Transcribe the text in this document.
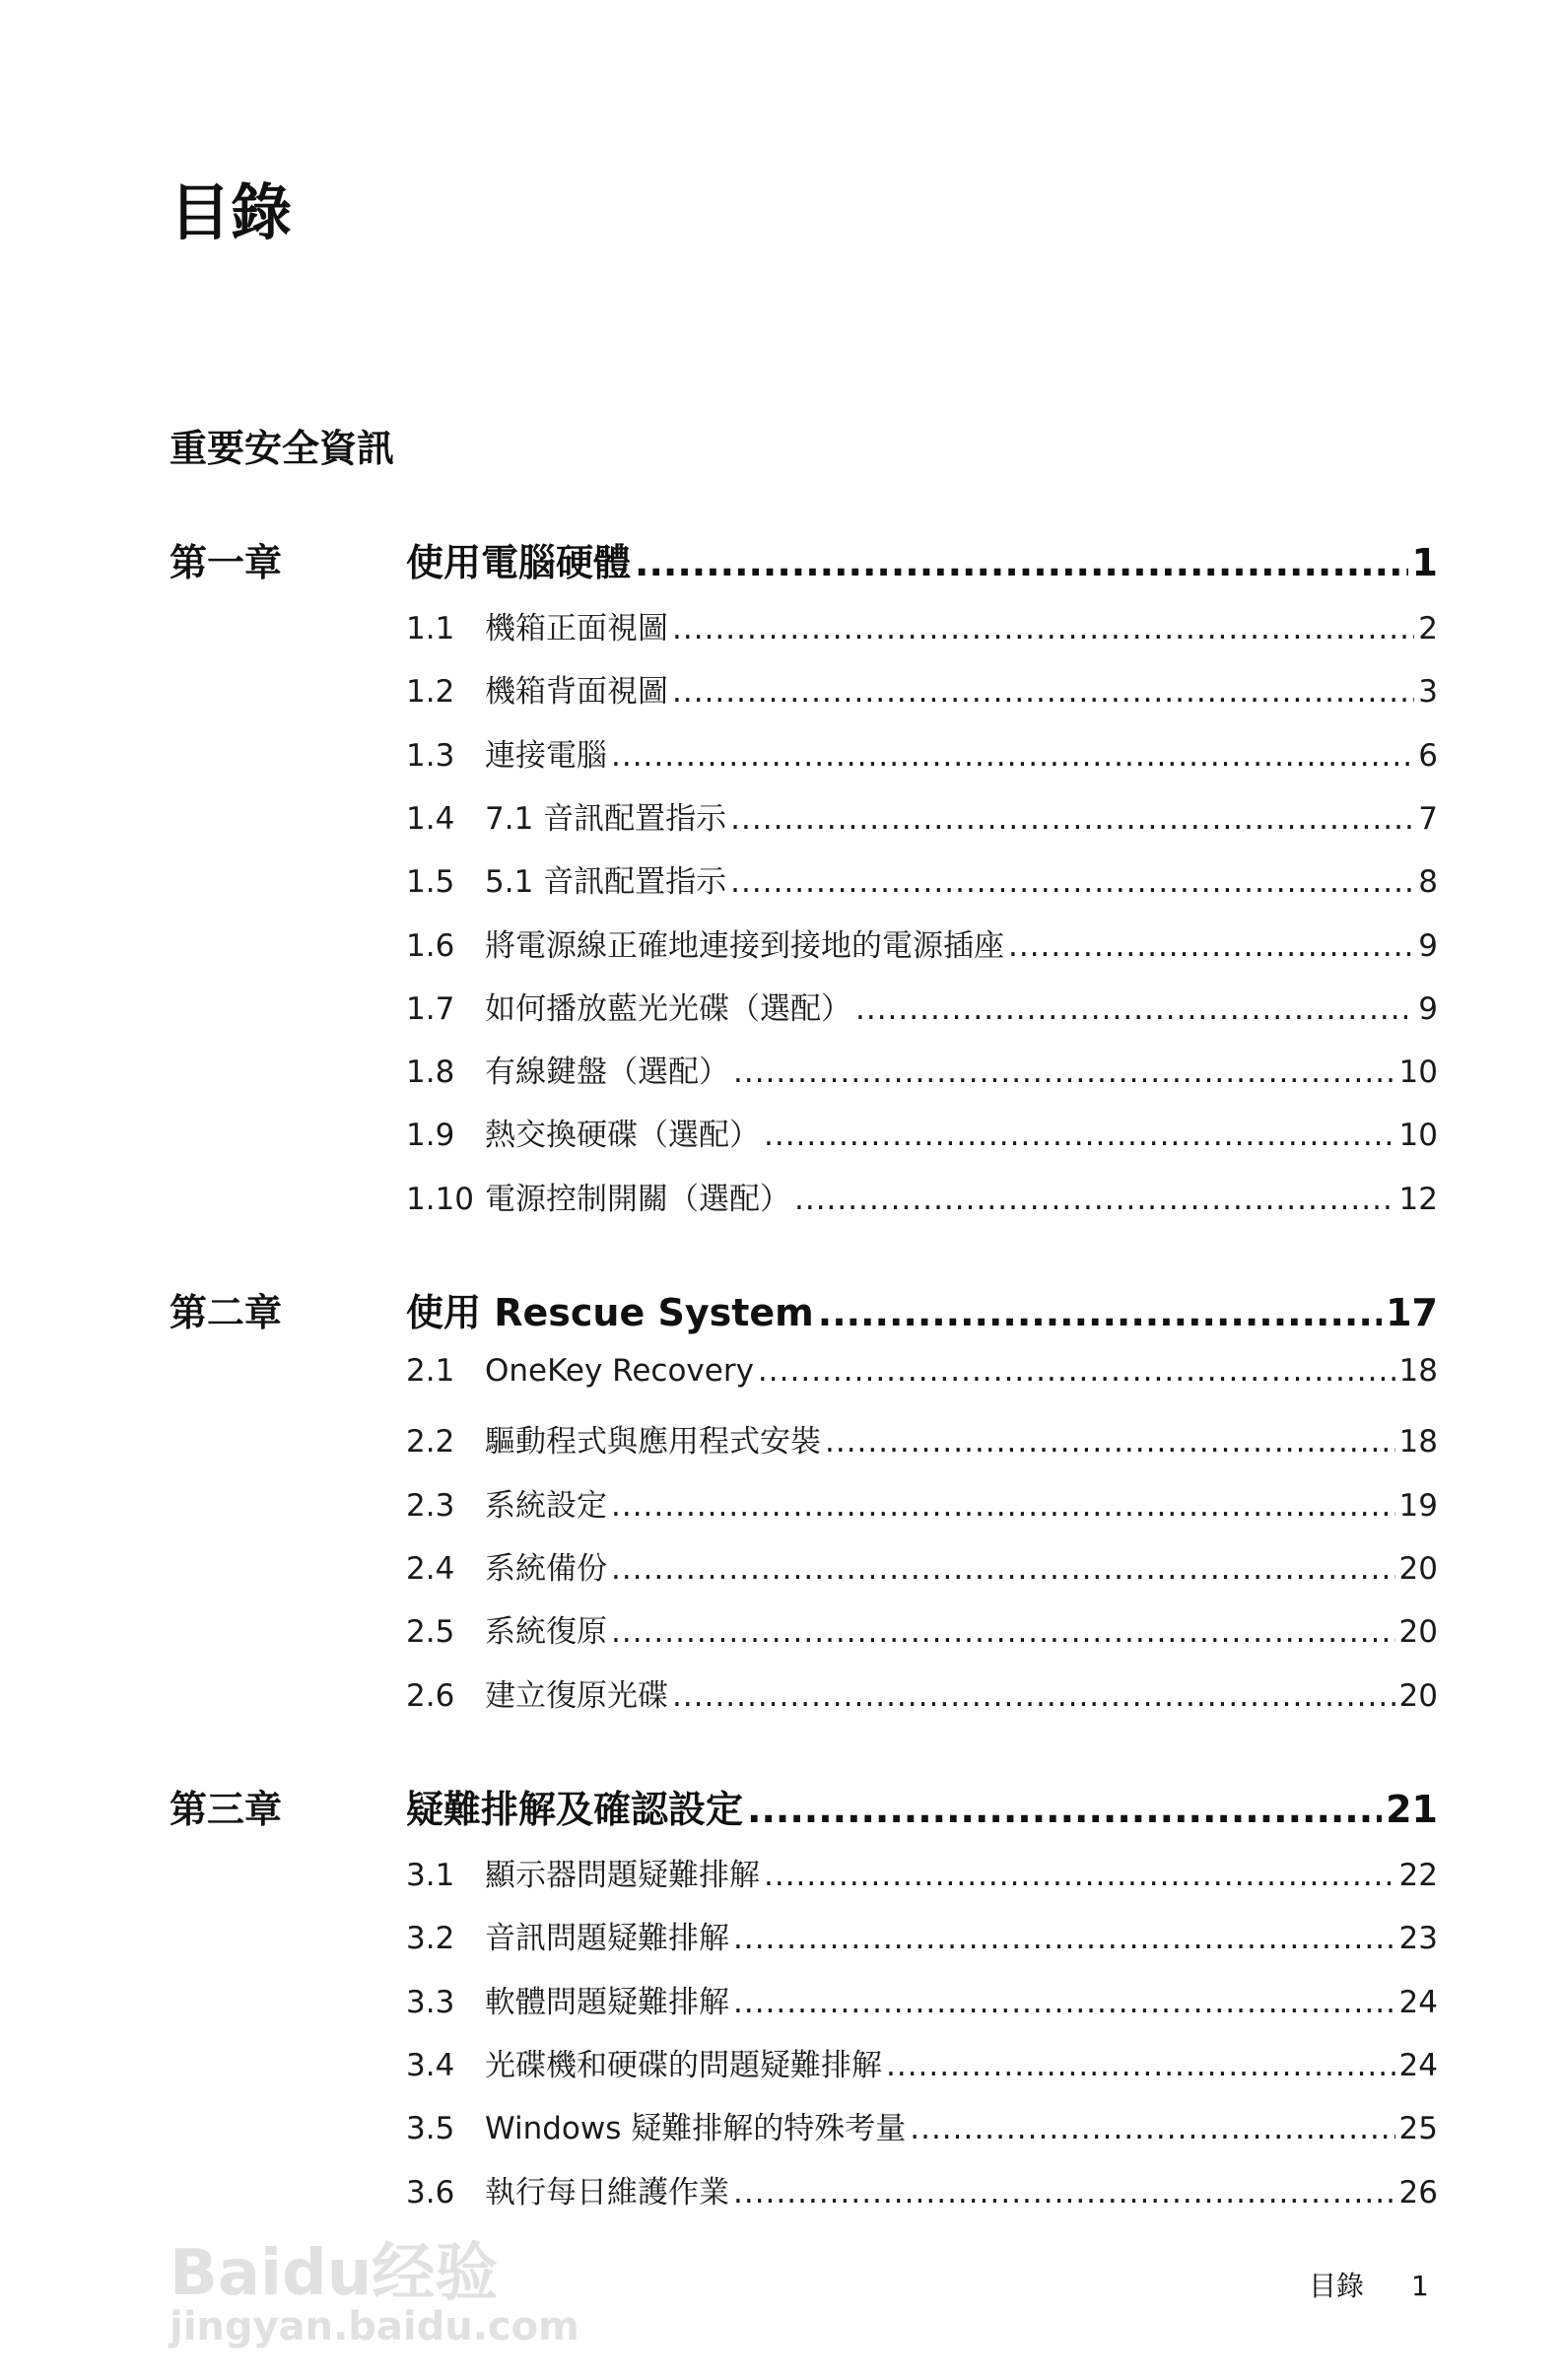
目錄
重要安全資訊
第一章	使用電腦硬體 .....	1
1.1 機箱正面視圖 .....	2
1.2 機箱背面視圖 .....	3
1.3 連接電腦 .....	6
1.4 7.1 音訊配置指示 .....	7
1.5 5.1 音訊配置指示 .....	8
1.6 將電源線正確地連接到接地的電源插座 .....	9
1.7 如何播放藍光光碟（選配） .....	9
1.8 有線鍵盤（選配） .....	10
1.9 熱交換硬碟（選配） .....	10
1.10 電源控制開關（選配） .....	12
第二章	使用 Rescue System .....	17
2.1 OneKey Recovery .....	18
2.2 驅動程式與應用程式安裝 .....	18
2.3 系統設定 .....	19
2.4 系統備份 .....	20
2.5 系統復原 .....	20
2.6 建立復原光碟 .....	20
第三章	疑難排解及確認設定 .....	21
3.1 顯示器問題疑難排解 .....	22
3.2 音訊問題疑難排解 .....	23
3.3 軟體問題疑難排解 .....	24
3.4 光碟機和硬碟的問題疑難排解 .....	24
3.5 Windows 疑難排解的特殊考量 .....	25
3.6 執行每日維護作業 .....	26
Baidu经验
jingyan.baidu.com
目錄 1
